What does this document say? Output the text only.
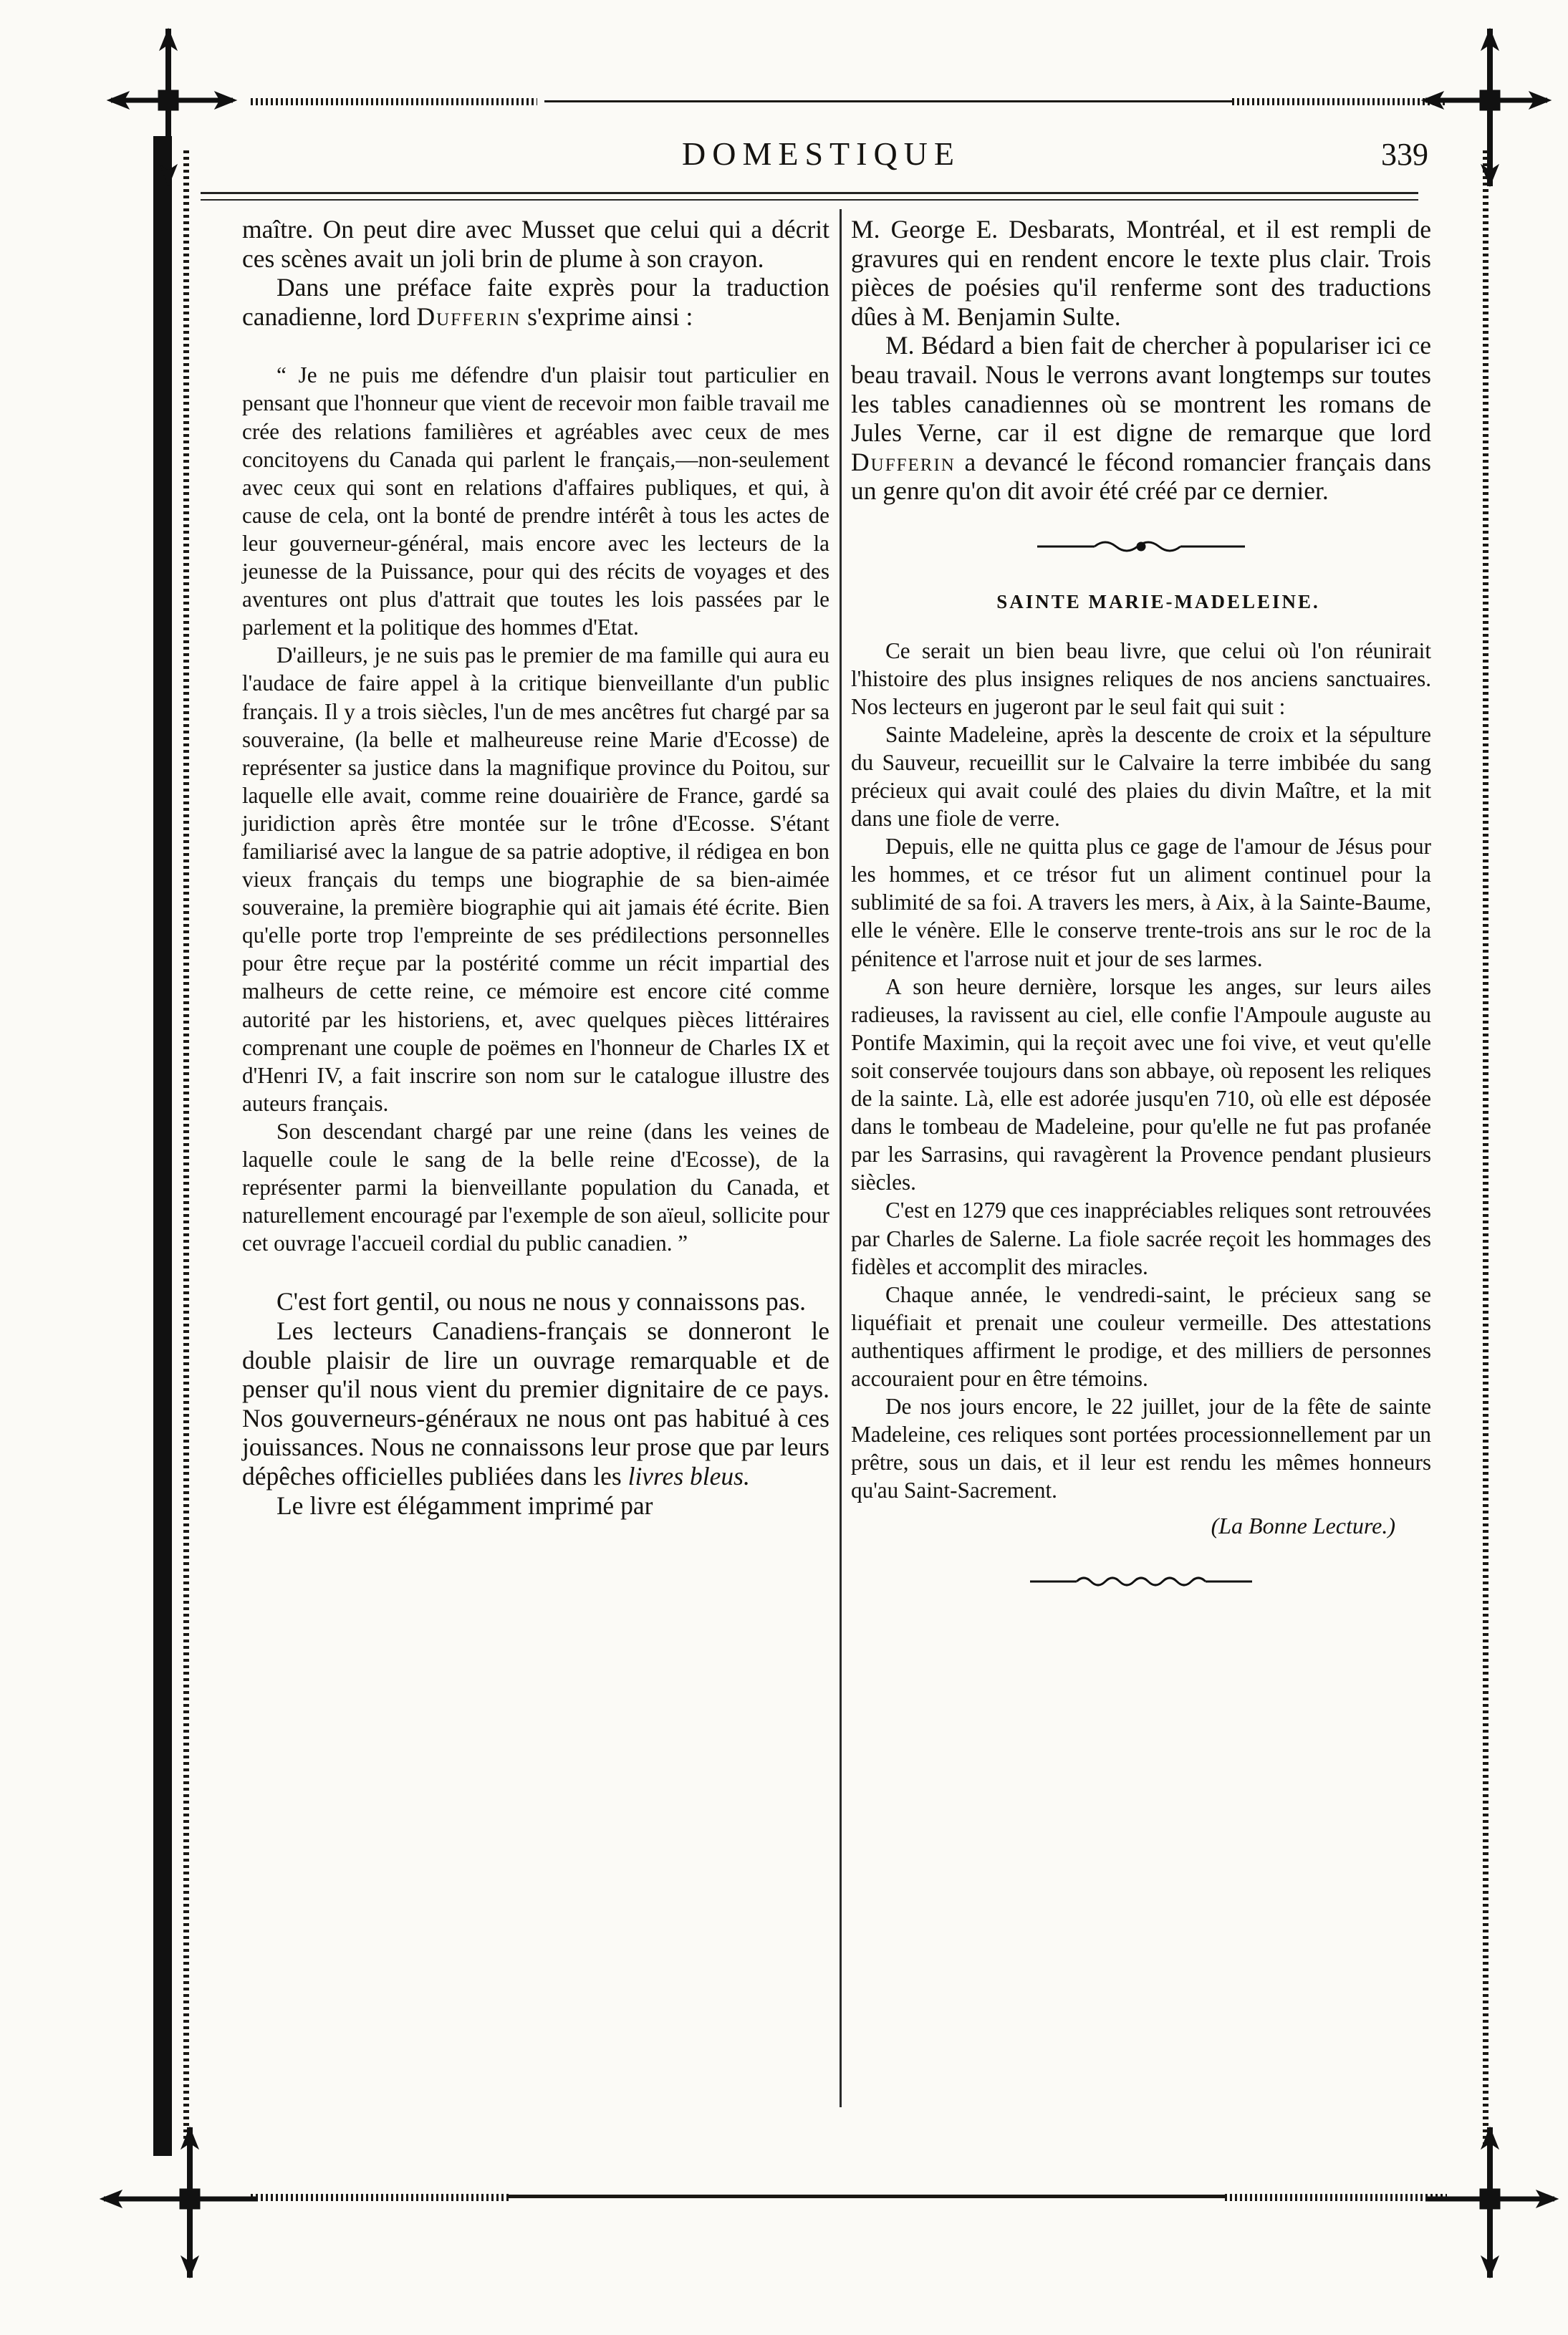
DOMESTIQUE	339

maître. On peut dire avec Musset que celui qui a décrit ces scènes avait un joli brin de plume à son crayon.

Dans une préface faite exprès pour la traduction canadienne, lord Dufferin s'exprime ainsi :

“ Je ne puis me défendre d'un plaisir tout particulier en pensant que l'honneur que vient de recevoir mon faible travail me crée des relations familières et agréables avec ceux de mes concitoyens du Canada qui parlent le français,—non-seulement avec ceux qui sont en relations d'affaires publiques, et qui, à cause de cela, ont la bonté de prendre intérêt à tous les actes de leur gouverneur-général, mais encore avec les lecteurs de la jeunesse de la Puissance, pour qui des récits de voyages et des aventures ont plus d'attrait que toutes les lois passées par le parlement et la politique des hommes d'Etat.

D'ailleurs, je ne suis pas le premier de ma famille qui aura eu l'audace de faire appel à la critique bienveillante d'un public français. Il y a trois siècles, l'un de mes ancêtres fut chargé par sa souveraine, (la belle et malheureuse reine Marie d'Ecosse) de représenter sa justice dans la magnifique province du Poitou, sur laquelle elle avait, comme reine douairière de France, gardé sa juridiction après être montée sur le trône d'Ecosse. S'étant familiarisé avec la langue de sa patrie adoptive, il rédigea en bon vieux français du temps une biographie de sa bien-aimée souveraine, la première biographie qui ait jamais été écrite. Bien qu'elle porte trop l'empreinte de ses prédilections personnelles pour être reçue par la postérité comme un récit impartial des malheurs de cette reine, ce mémoire est encore cité comme autorité par les historiens, et, avec quelques pièces littéraires comprenant une couple de poëmes en l'honneur de Charles IX et d'Henri IV, a fait inscrire son nom sur le catalogue illustre des auteurs français.

Son descendant chargé par une reine (dans les veines de laquelle coule le sang de la belle reine d'Ecosse), de la représenter parmi la bienveillante population du Canada, et naturellement encouragé par l'exemple de son aïeul, sollicite pour cet ouvrage l'accueil cordial du public canadien. ”

C'est fort gentil, ou nous ne nous y connaissons pas.

Les lecteurs Canadiens-français se donneront le double plaisir de lire un ouvrage remarquable et de penser qu'il nous vient du premier dignitaire de ce pays. Nos gouverneurs-généraux ne nous ont pas habitué à ces jouissances. Nous ne connaissons leur prose que par leurs dépêches officielles publiées dans les livres bleus.

Le livre est élégamment imprimé par

M. George E. Desbarats, Montréal, et il est rempli de gravures qui en rendent encore le texte plus clair. Trois pièces de poésies qu'il renferme sont des traductions dûes à M. Benjamin Sulte.

M. Bédard a bien fait de chercher à populariser ici ce beau travail. Nous le verrons avant longtemps sur toutes les tables canadiennes où se montrent les romans de Jules Verne, car il est digne de remarque que lord Dufferin a devancé le fécond romancier français dans un genre qu'on dit avoir été créé par ce dernier.

SAINTE MARIE-MADELEINE.

Ce serait un bien beau livre, que celui où l'on réunirait l'histoire des plus insignes reliques de nos anciens sanctuaires. Nos lecteurs en jugeront par le seul fait qui suit :

Sainte Madeleine, après la descente de croix et la sépulture du Sauveur, recueillit sur le Calvaire la terre imbibée du sang précieux qui avait coulé des plaies du divin Maître, et la mit dans une fiole de verre.

Depuis, elle ne quitta plus ce gage de l'amour de Jésus pour les hommes, et ce trésor fut un aliment continuel pour la sublimité de sa foi. A travers les mers, à Aix, à la Sainte-Baume, elle le vénère. Elle le conserve trente-trois ans sur le roc de la pénitence et l'arrose nuit et jour de ses larmes.

A son heure dernière, lorsque les anges, sur leurs ailes radieuses, la ravissent au ciel, elle confie l'Ampoule auguste au Pontife Maximin, qui la reçoit avec une foi vive, et veut qu'elle soit conservée toujours dans son abbaye, où reposent les reliques de la sainte. Là, elle est adorée jusqu'en 710, où elle est déposée dans le tombeau de Madeleine, pour qu'elle ne fut pas profanée par les Sarrasins, qui ravagèrent la Provence pendant plusieurs siècles.

C'est en 1279 que ces inappréciables reliques sont retrouvées par Charles de Salerne. La fiole sacrée reçoit les hommages des fidèles et accomplit des miracles.

Chaque année, le vendredi-saint, le précieux sang se liquéfiait et prenait une couleur vermeille. Des attestations authentiques affirment le prodige, et des milliers de personnes accouraient pour en être témoins.

De nos jours encore, le 22 juillet, jour de la fête de sainte Madeleine, ces reliques sont portées processionnellement par un prêtre, sous un dais, et il leur est rendu les mêmes honneurs qu'au Saint-Sacrement.

(La Bonne Lecture.)
